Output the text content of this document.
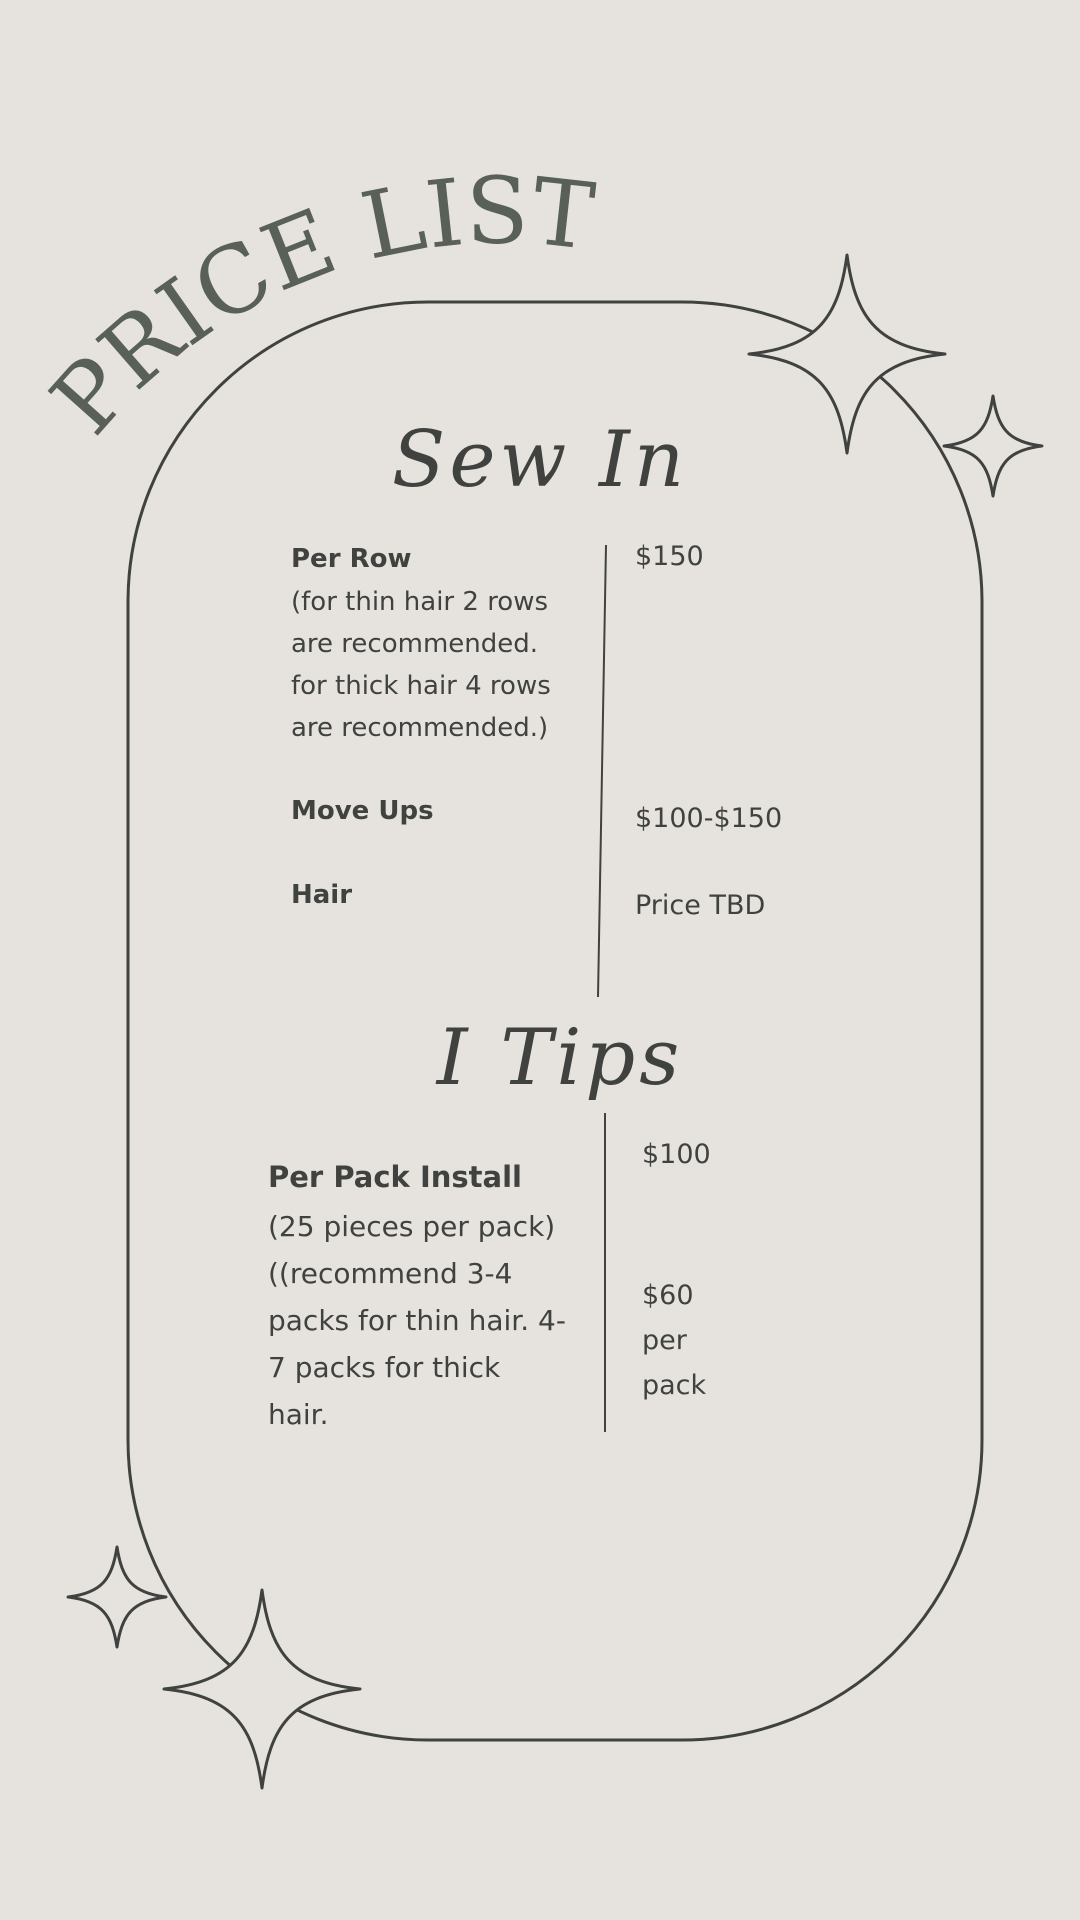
PRICE LIST
Sew In
Per Row
(for thin hair 2 rows are recommended. for thick hair 4 rows are recommended.)
$150
Move Ups	$100-$150
Hair	Price TBD
I Tips
Per Pack Install
(25 pieces per pack) ((recommend 3-4 packs for thin hair. 4-7 packs for thick hair.
$100
$60 per pack
